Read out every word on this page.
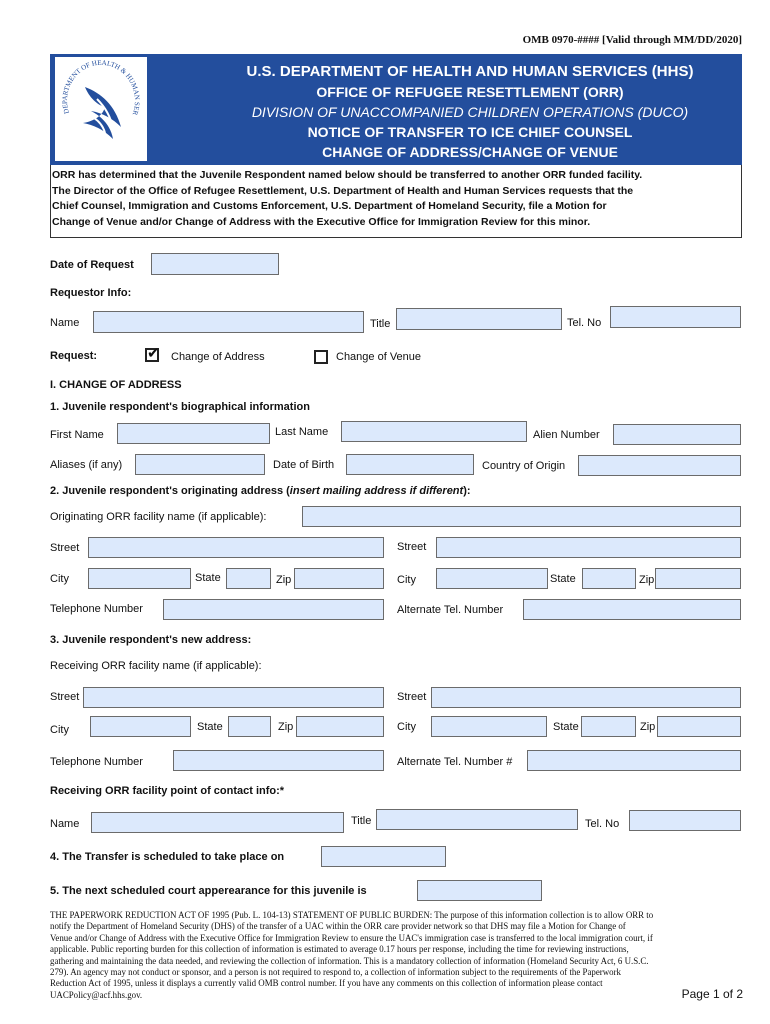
OMB 0970-#### [Valid through MM/DD/2020]
DEPARTMENT OF HEALTH & HUMAN SER
U.S. DEPARTMENT OF HEALTH AND HUMAN SERVICES (HHS)
OFFICE OF REFUGEE RESETTLEMENT (ORR)
DIVISION OF UNACCOMPANIED CHILDREN OPERATIONS (DUCO)
NOTICE OF TRANSFER TO ICE CHIEF COUNSEL
CHANGE OF ADDRESS/CHANGE OF VENUE
ORR has determined that the Juvenile Respondent named below should be transferred to another ORR funded facility.
The Director of the Office of Refugee Resettlement, U.S. Department of Health and Human Services requests that the
Chief Counsel, Immigration and Customs Enforcement, U.S. Department of Homeland Security, file a Motion for
Change of Venue and/or Change of Address with the Executive Office for Immigration Review for this minor.
Date of Request
Requestor Info:
Name	Title	Tel. No
Request:	✔ Change of Address	Change of Venue
I. CHANGE OF ADDRESS
1. Juvenile respondent's biographical information
First Name	Last Name	Alien Number
Aliases (if any)	Date of Birth	Country of Origin
2. Juvenile respondent's originating address (insert mailing address if different):
Originating ORR facility name (if applicable):
Street	Street
City	State	Zip	City	State	Zip
Telephone Number	Alternate Tel. Number
3. Juvenile respondent's new address:
Receiving ORR facility name (if applicable):
Street	Street
City	State	Zip	City	State	Zip
Telephone Number	Alternate Tel. Number #
Receiving ORR facility point of contact info:*
Name	Title	Tel. No
4. The Transfer is scheduled to take place on
5. The next scheduled court apperearance for this juvenile is
THE PAPERWORK REDUCTION ACT OF 1995 (Pub. L. 104-13) STATEMENT OF PUBLIC BURDEN: The purpose of this information collection is to allow ORR to
notify the Department of Homeland Security (DHS) of the transfer of a UAC within the ORR care provider network so that DHS may file a Motion for Change of
Venue and/or Change of Address with the Executive Office for Immigration Review to ensure the UAC's immigration case is transferred to the local immigration court, if
applicable. Public reporting burden for this collection of information is estimated to average 0.17 hours per response, including the time for reviewing instructions,
gathering and maintaining the data needed, and reviewing the collection of information. This is a mandatory collection of information (Homeland Security Act, 6 U.S.C.
279). An agency may not conduct or sponsor, and a person is not required to respond to, a collection of information subject to the requirements of the Paperwork
Reduction Act of 1995, unless it displays a currently valid OMB control number. If you have any comments on this collection of information please contact
UACPolicy@acf.hhs.gov.	Page 1 of 2
